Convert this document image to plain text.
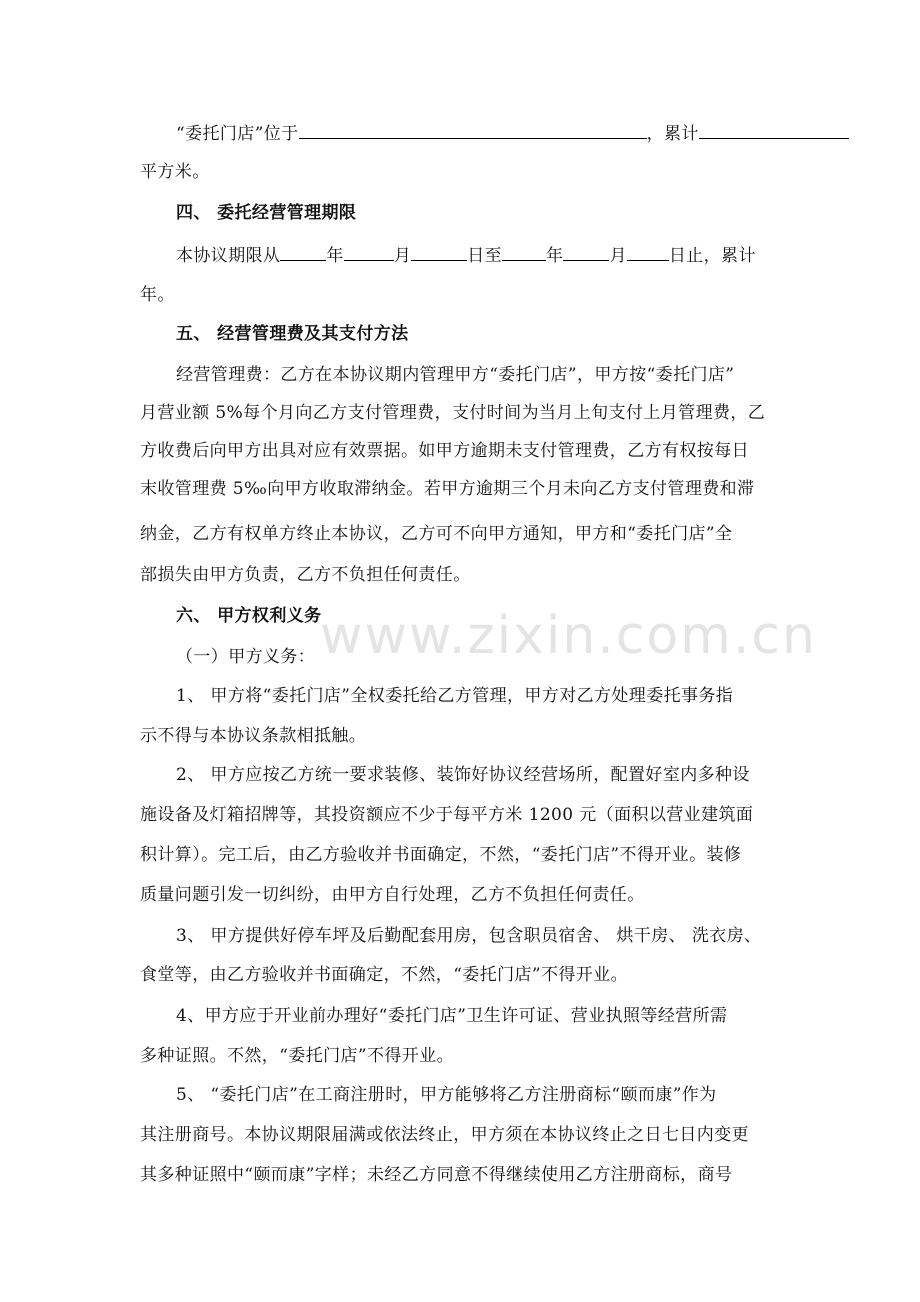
www.zixin.com.cn
“委托门店”位于	，累计
平方米。
四、 委托经营管理期限
本协议期限从	年	月	日至	年	月 日止，累计
年。
五、 经营管理费及其支付方法
经营管理费：乙方在本协议期内管理甲方“委托门店”，甲方按“委托门店”
月营业额 5%每个月向乙方支付管理费，支付时间为当月上旬支付上月管理费，乙
方收费后向甲方出具对应有效票据。如甲方逾期未支付管理费，乙方有权按每日
末收管理费 5‰向甲方收取滞纳金。若甲方逾期三个月未向乙方支付管理费和滞
纳金，乙方有权单方终止本协议，乙方可不向甲方通知，甲方和“委托门店”全
部损失由甲方负责，乙方不负担任何责任。
六、 甲方权利义务
（一）甲方义务：
1、 甲方将“委托门店”全权委托给乙方管理，甲方对乙方处理委托事务指
示不得与本协议条款相抵触。
2、 甲方应按乙方统一要求装修、装饰好协议经营场所，配置好室内多种设
施设备及灯箱招牌等，其投资额应不少于每平方米 1200 元（面积以营业建筑面
积计算）。完工后，由乙方验收并书面确定，不然，“委托门店”不得开业。装修
质量问题引发一切纠纷，由甲方自行处理，乙方不负担任何责任。
3、 甲方提供好停车坪及后勤配套用房，包含职员宿舍、 烘干房、 洗衣房、
食堂等，由乙方验收并书面确定，不然，“委托门店”不得开业。
4、甲方应于开业前办理好“委托门店”卫生许可证、营业执照等经营所需
多种证照。不然，“委托门店”不得开业。
5、 “委托门店”在工商注册时，甲方能够将乙方注册商标“颐而康”作为
其注册商号。本协议期限届满或依法终止，甲方须在本协议终止之日七日内变更
其多种证照中“颐而康”字样；未经乙方同意不得继续使用乙方注册商标，商号
